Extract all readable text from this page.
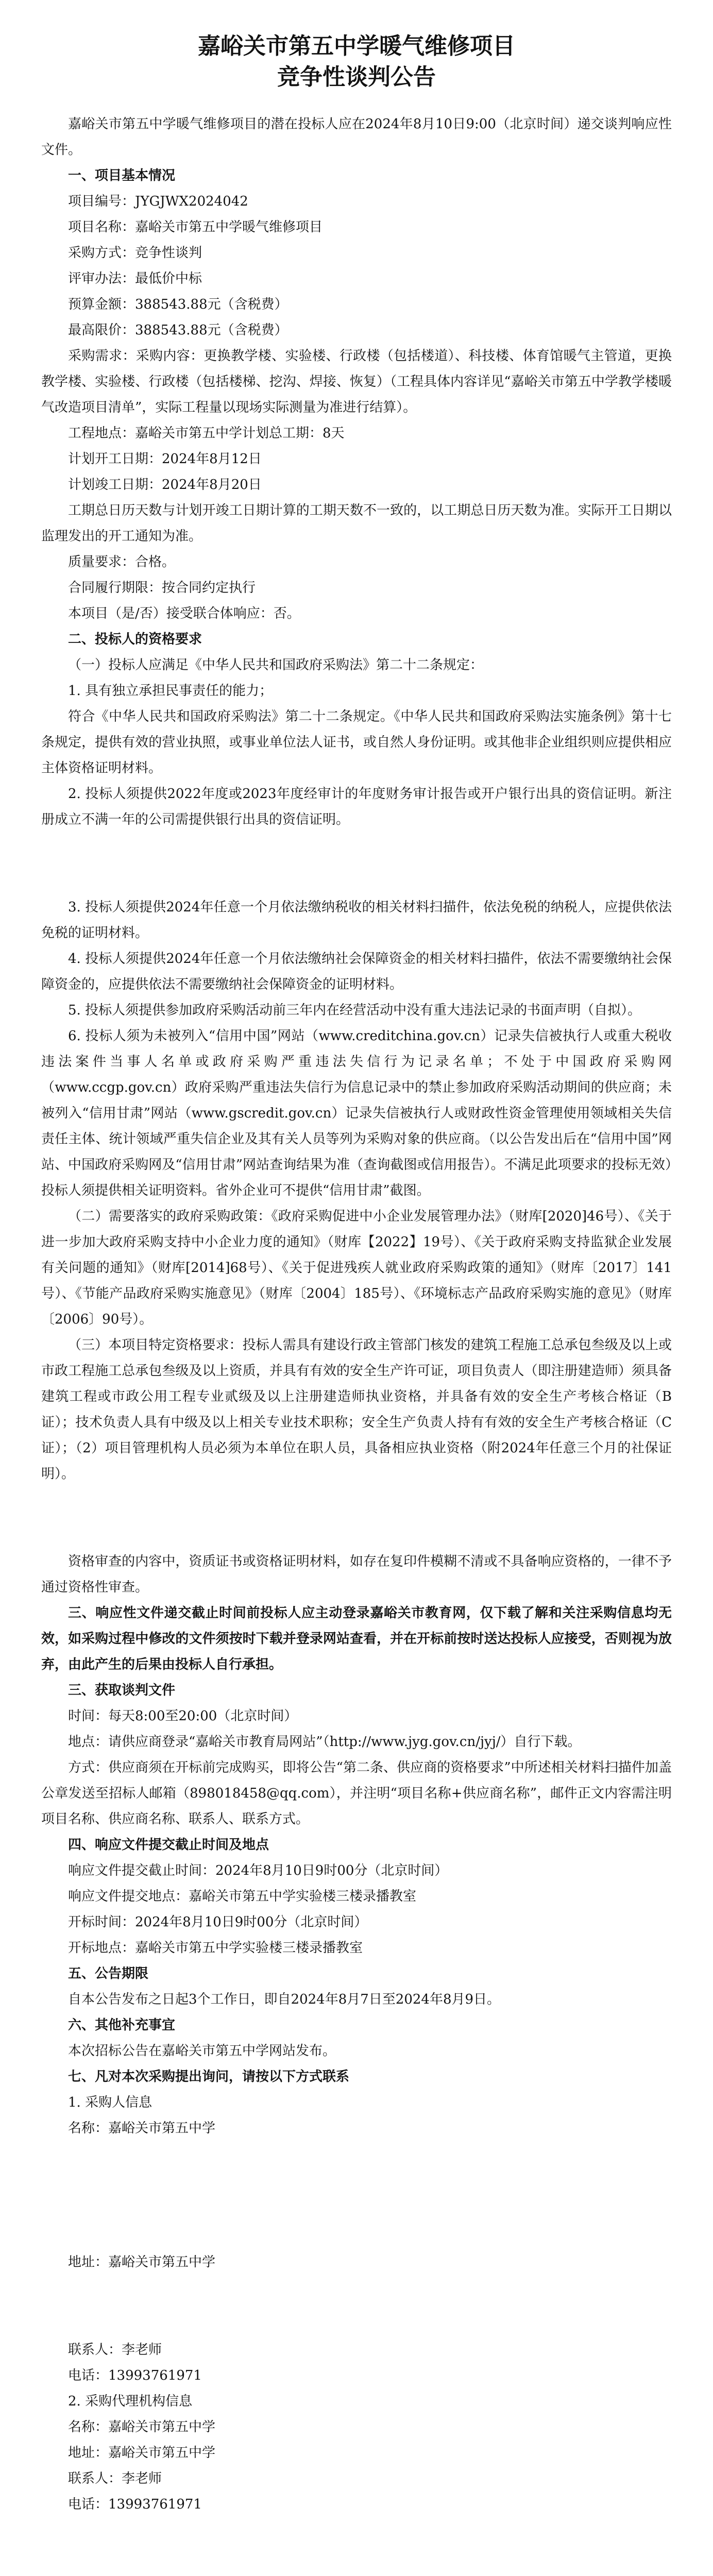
嘉峪关市第五中学暖气维修项目
竞争性谈判公告

嘉峪关市第五中学暖气维修项目的潜在投标人应在2024年8月10日9:00（北京时间）递交谈判响应性文件。

一、项目基本情况

项目编号：JYGJWX2024042

项目名称：嘉峪关市第五中学暖气维修项目

采购方式：竞争性谈判

评审办法：最低价中标

预算金额：388543.88元（含税费）

最高限价：388543.88元（含税费）

采购需求：采购内容：更换教学楼、实验楼、行政楼（包括楼道）、科技楼、体育馆暖气主管道，更换教学楼、实验楼、行政楼（包括楼梯、挖沟、焊接、恢复）（工程具体内容详见“嘉峪关市第五中学教学楼暖气改造项目清单”，实际工程量以现场实际测量为准进行结算）。

工程地点：嘉峪关市第五中学计划总工期：8天

计划开工日期：2024年8月12日

计划竣工日期：2024年8月20日

工期总日历天数与计划开竣工日期计算的工期天数不一致的，以工期总日历天数为准。实际开工日期以监理发出的开工通知为准。

质量要求：合格。

合同履行期限：按合同约定执行

本项目（是/否）接受联合体响应：否。

二、投标人的资格要求

（一）投标人应满足《中华人民共和国政府采购法》第二十二条规定：

1. 具有独立承担民事责任的能力；

符合《中华人民共和国政府采购法》第二十二条规定。《中华人民共和国政府采购法实施条例》第十七条规定，提供有效的营业执照，或事业单位法人证书，或自然人身份证明。或其他非企业组织则应提供相应主体资格证明材料。

2. 投标人须提供2022年度或2023年度经审计的年度财务审计报告或开户银行出具的资信证明。新注册成立不满一年的公司需提供银行出具的资信证明。

3. 投标人须提供2024年任意一个月依法缴纳税收的相关材料扫描件，依法免税的纳税人，应提供依法免税的证明材料。

4. 投标人须提供2024年任意一个月依法缴纳社会保障资金的相关材料扫描件，依法不需要缴纳社会保障资金的，应提供依法不需要缴纳社会保障资金的证明材料。

5. 投标人须提供参加政府采购活动前三年内在经营活动中没有重大违法记录的书面声明（自拟）。

6. 投标人须为未被列入“信用中国”网站（www.creditchina.gov.cn）记录失信被执行人或重大税收违法案件当事人名单或政府采购严重违法失信行为记录名单；不处于中国政府采购网（www.ccgp.gov.cn）政府采购严重违法失信行为信息记录中的禁止参加政府采购活动期间的供应商；未被列入“信用甘肃”网站（www.gscredit.gov.cn）记录失信被执行人或财政性资金管理使用领域相关失信责任主体、统计领域严重失信企业及其有关人员等列为采购对象的供应商。（以公告发出后在“信用中国”网站、中国政府采购网及“信用甘肃”网站查询结果为准（查询截图或信用报告）。不满足此项要求的投标无效）投标人须提供相关证明资料。省外企业可不提供“信用甘肃”截图。

（二）需要落实的政府采购政策：《政府采购促进中小企业发展管理办法》（财库[2020]46号）、《关于进一步加大政府采购支持中小企业力度的通知》（财库【2022】19号）、《关于政府采购支持监狱企业发展有关问题的通知》（财库[2014]68号）、《关于促进残疾人就业政府采购政策的通知》（财库〔2017〕141号）、《节能产品政府采购实施意见》（财库〔2004〕185号）、《环境标志产品政府采购实施的意见》（财库〔2006〕90号）。

（三）本项目特定资格要求：投标人需具有建设行政主管部门核发的建筑工程施工总承包叁级及以上或市政工程施工总承包叁级及以上资质，并具有有效的安全生产许可证，项目负责人（即注册建造师）须具备建筑工程或市政公用工程专业贰级及以上注册建造师执业资格，并具备有效的安全生产考核合格证（B证）；技术负责人具有中级及以上相关专业技术职称；安全生产负责人持有有效的安全生产考核合格证（C证）；（2）项目管理机构人员必须为本单位在职人员，具备相应执业资格（附2024年任意三个月的社保证明）。

资格审查的内容中，资质证书或资格证明材料，如存在复印件模糊不清或不具备响应资格的，一律不予通过资格性审查。

三、响应性文件递交截止时间前投标人应主动登录嘉峪关市教育网，仅下载了解和关注采购信息均无效，如采购过程中修改的文件须按时下载并登录网站查看，并在开标前按时送达投标人应接受，否则视为放弃，由此产生的后果由投标人自行承担。

三、获取谈判文件

时间：每天8:00至20:00（北京时间）

地点：请供应商登录“嘉峪关市教育局网站”（http://www.jyg.gov.cn/jyj/）自行下载。

方式：供应商须在开标前完成购买，即将公告“第二条、供应商的资格要求”中所述相关材料扫描件加盖公章发送至招标人邮箱（898018458@qq.com），并注明“项目名称+供应商名称”，邮件正文内容需注明项目名称、供应商名称、联系人、联系方式。

四、响应文件提交截止时间及地点

响应文件提交截止时间：2024年8月10日9时00分（北京时间）

响应文件提交地点：嘉峪关市第五中学实验楼三楼录播教室

开标时间：2024年8月10日9时00分（北京时间）

开标地点：嘉峪关市第五中学实验楼三楼录播教室

五、公告期限

自本公告发布之日起3个工作日，即自2024年8月7日至2024年8月9日。

六、其他补充事宜

本次招标公告在嘉峪关市第五中学网站发布。

七、凡对本次采购提出询问，请按以下方式联系

1. 采购人信息

名称：嘉峪关市第五中学

地址：嘉峪关市第五中学

联系人：李老师

电话：13993761971

2. 采购代理机构信息

名称：嘉峪关市第五中学

地址：嘉峪关市第五中学

联系人：李老师

电话：13993761971
